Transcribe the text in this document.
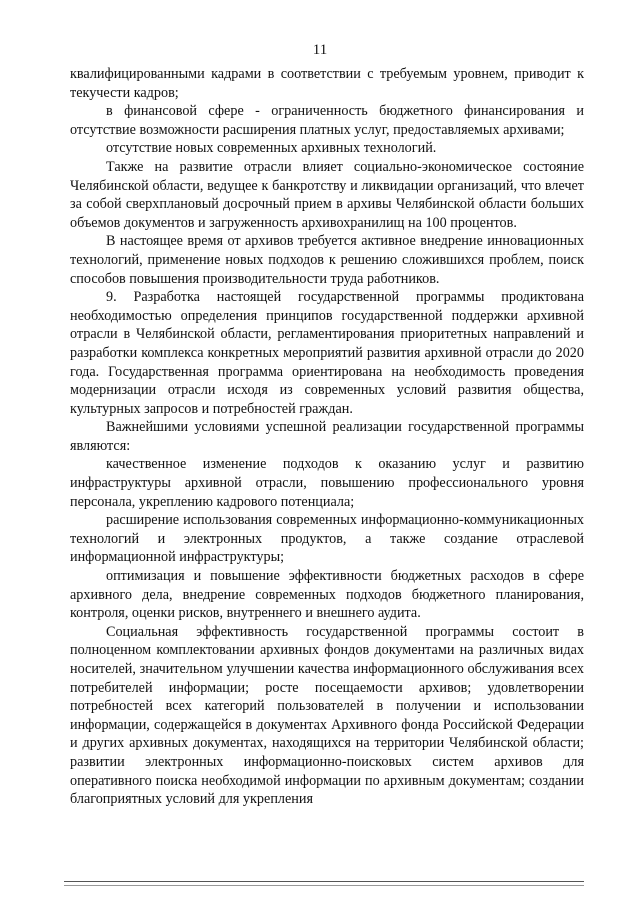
11

квалифицированными кадрами в соответствии с требуемым уровнем, приводит к текучести кадров;

в финансовой сфере - ограниченность бюджетного финансирования и отсутствие возможности расширения платных услуг, предоставляемых архивами;

отсутствие новых современных архивных технологий.

Также на развитие отрасли влияет социально-экономическое состояние Челябинской области, ведущее к банкротству и ликвидации организаций, что влечет за собой сверхплановый досрочный прием в архивы Челябинской области больших объемов документов и загруженность архивохранилищ на 100 процентов.

В настоящее время от архивов требуется активное внедрение инновационных технологий, применение новых подходов к решению сложившихся проблем, поиск способов повышения производительности труда работников.

9. Разработка настоящей государственной программы продиктована необходимостью определения принципов государственной поддержки архивной отрасли в Челябинской области, регламентирования приоритетных направлений и разработки комплекса конкретных мероприятий развития архивной отрасли до 2020 года. Государственная программа ориентирована на необходимость проведения модернизации отрасли исходя из современных условий развития общества, культурных запросов и потребностей граждан.

Важнейшими условиями успешной реализации государственной программы являются:

качественное изменение подходов к оказанию услуг и развитию инфраструктуры архивной отрасли, повышению профессионального уровня персонала, укреплению кадрового потенциала;

расширение использования современных информационно-коммуникационных технологий и электронных продуктов, а также создание отраслевой информационной инфраструктуры;

оптимизация и повышение эффективности бюджетных расходов в сфере архивного дела, внедрение современных подходов бюджетного планирования, контроля, оценки рисков, внутреннего и внешнего аудита.

Социальная эффективность государственной программы состоит в полноценном комплектовании архивных фондов документами на различных видах носителей, значительном улучшении качества информационного обслуживания всех потребителей информации; росте посещаемости архивов; удовлетворении потребностей всех категорий пользователей в получении и использовании информации, содержащейся в документах Архивного фонда Российской Федерации и других архивных документах, находящихся на территории Челябинской области; развитии электронных информационно-поисковых систем архивов для оперативного поиска необходимой информации по архивным документам; создании благоприятных условий для укрепления
